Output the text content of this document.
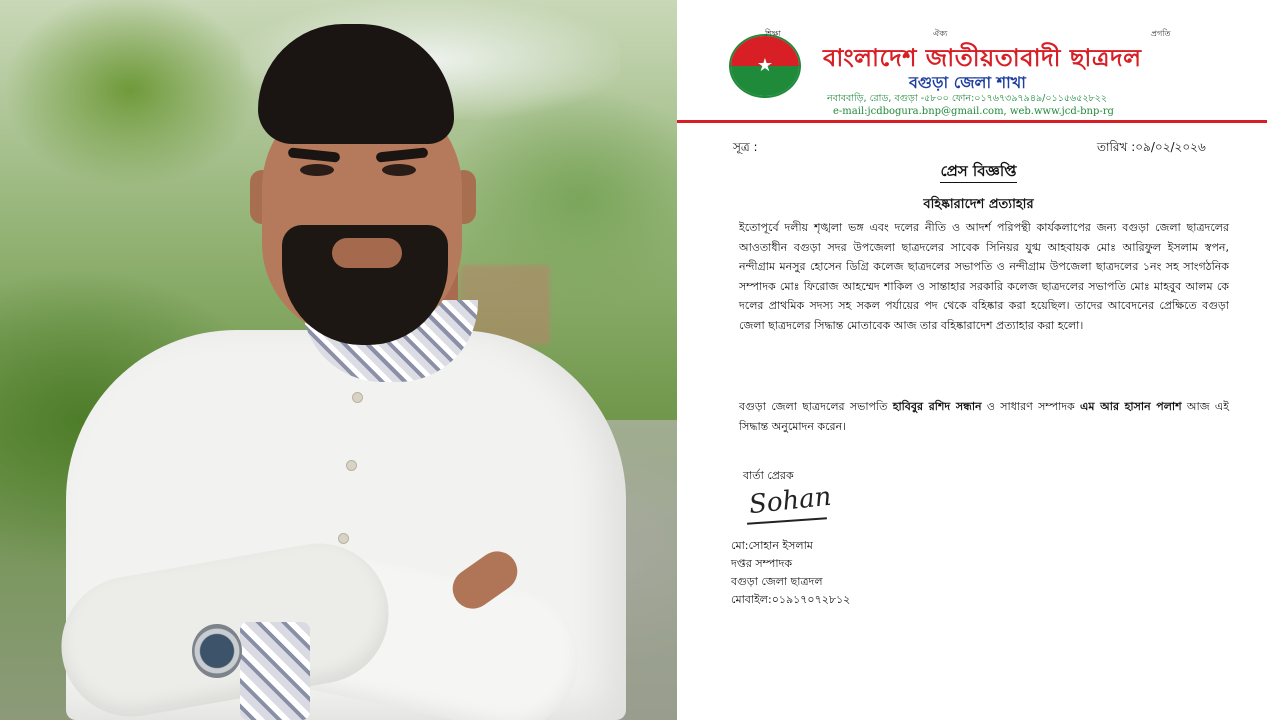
★
শিক্ষা	ঐক্য	প্রগতি
বাংলাদেশ জাতীয়তাবাদী ছাত্রদল
বগুড়া জেলা শাখা
নবাববাড়ি, রোড, বগুড়া -৫৮০০ ফোন:০১৭৬৭৩৯৭৯৪৯/০১১৫৬৫২৮২২
e-mail:jcdbogura.bnp@gmail.com, web.www.jcd-bnp-rg
সূত্র :	তারিখ :০৯/০২/২০২৬
প্রেস বিজ্ঞপ্তি
বহিষ্কারাদেশ প্রত্যাহার
ইতোপূর্বে দলীয় শৃঙ্খলা ভঙ্গ এবং দলের নীতি ও আদর্শ পরিপন্থী কার্যকলাপের জন্য বগুড়া জেলা ছাত্রদলের আওতাধীন বগুড়া সদর উপজেলা ছাত্রদলের সাবেক সিনিয়র যুগ্ম আহবায়ক মোঃ আরিফুল ইসলাম স্বপন, নন্দীগ্রাম মনসুর হোসেন ডিগ্রি কলেজ ছাত্রদলের সভাপতি ও নন্দীগ্রাম উপজেলা ছাত্রদলের ১নং সহ সাংগঠনিক সম্পাদক মোঃ ফিরোজ আহম্মেদ শাকিল ও সান্তাহার সরকারি কলেজ ছাত্রদলের সভাপতি মোঃ মাহবুব আলম কে দলের প্রাথমিক সদস্য সহ সকল পর্যায়ের পদ থেকে বহিষ্কার করা হয়েছিল। তাদের আবেদনের প্রেক্ষিতে বগুড়া জেলা ছাত্রদলের সিদ্ধান্ত মোতাবেক আজ তার বহিষ্কারাদেশ প্রত্যাহার করা হলো।
বগুড়া জেলা ছাত্রদলের সভাপতি হাবিবুর রশিদ সন্ধান ও সাধারণ সম্পাদক এম আর হাসান পলাশ আজ এই সিদ্ধান্ত অনুমোদন করেন।
বার্তা প্রেরক
Sohan
মো:সোহান ইসলাম
দপ্তর সম্পাদক
বগুড়া জেলা ছাত্রদল
মোবাইল:০১৯১৭০৭২৮১২
